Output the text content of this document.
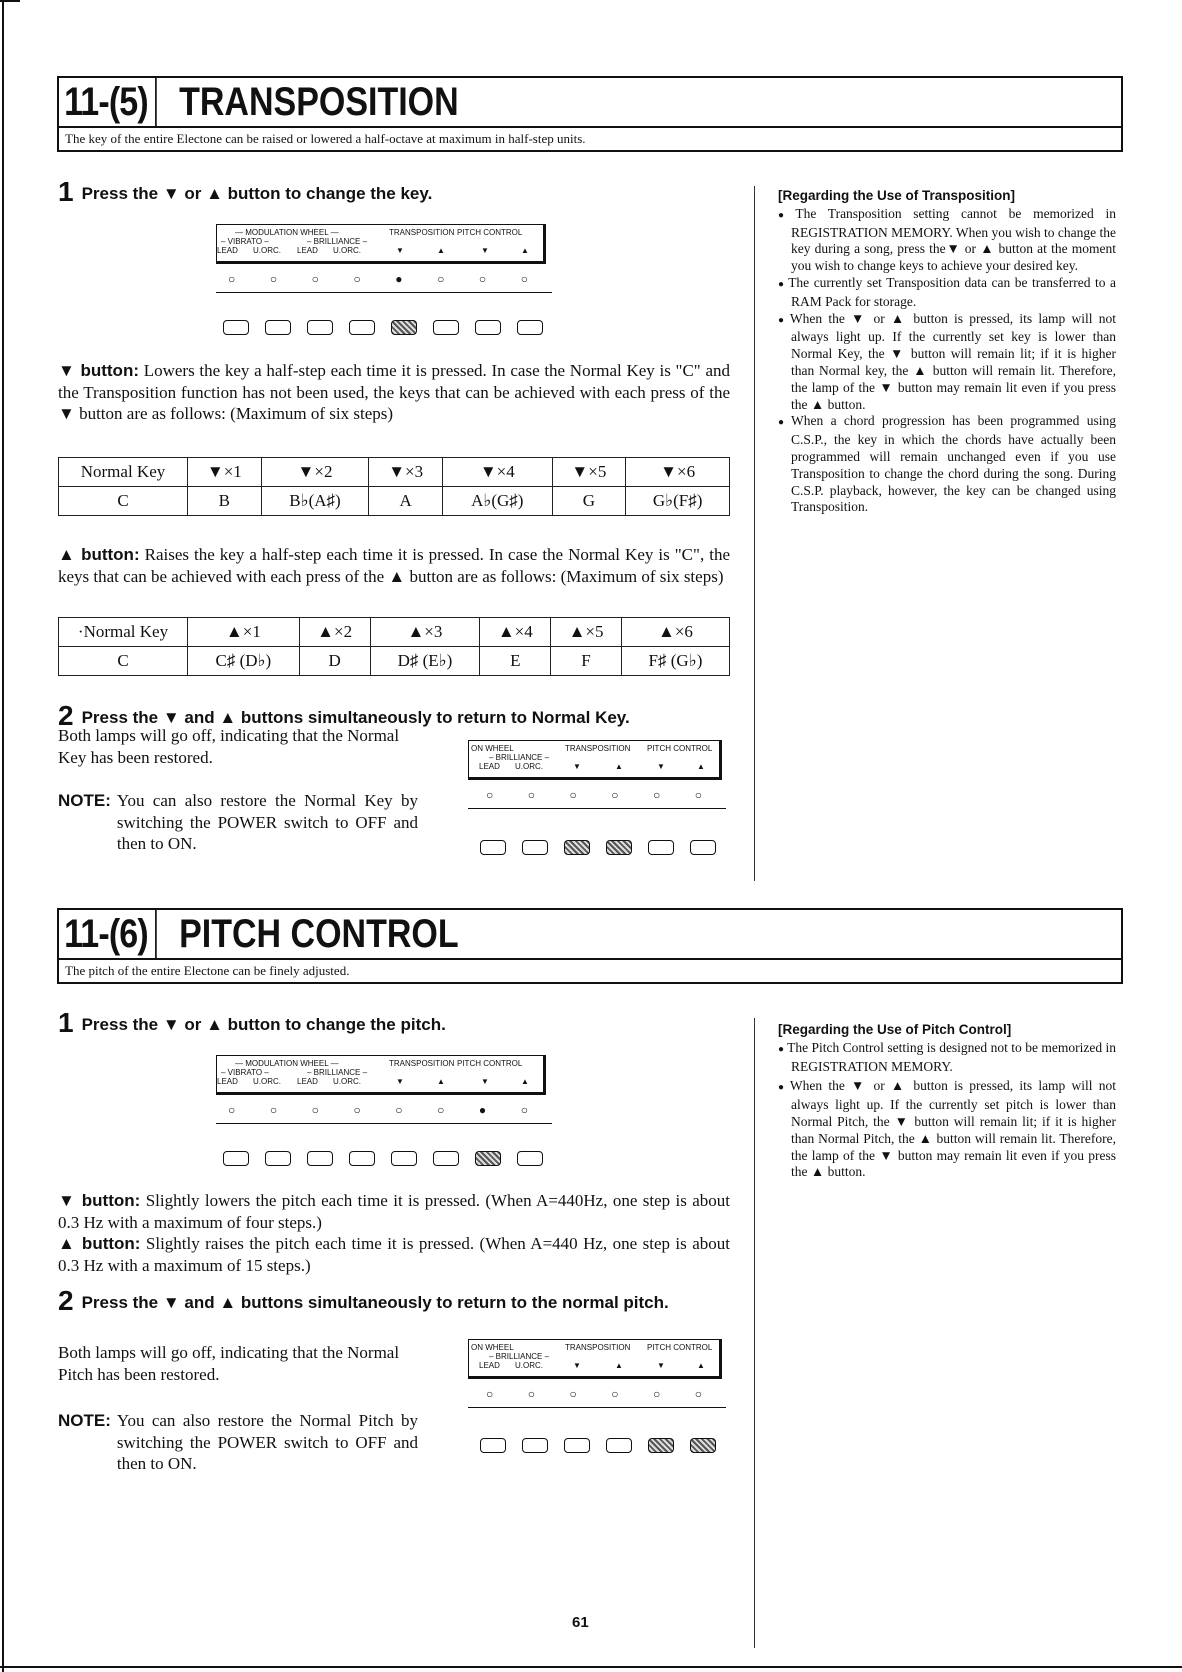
11-(5) TRANSPOSITION
The key of the entire Electone can be raised or lowered a half-octave at maximum in half-step units.
1 Press the ▼ or ▲ button to change the key.
— MODULATION WHEEL —
– VIBRATO –	– BRILLIANCE –
TRANSPOSITION PITCH CONTROL
LEAD U.ORC. LEAD U.ORC.	▼	▲	▼	▲
○	○	○	○	●	○	○	○
▼ button: Lowers the key a half-step each time it is pressed. In case the Normal Key is "C" and the Transposition function has not been used, the keys that can be achieved with each press of the ▼ button are as follows: (Maximum of six steps)
Normal Key	▼×1	▼×2	▼×3	▼×4	▼×5	▼×6
C	B	B♭(A♯)	A	A♭(G♯)	G	G♭(F♯)
▲ button: Raises the key a half-step each time it is pressed. In case the Normal Key is "C", the keys that can be achieved with each press of the ▲ button are as follows: (Maximum of six steps)
·Normal Key	▲×1	▲×2	▲×3	▲×4	▲×5	▲×6
C	C♯ (D♭)	D	D♯ (E♭)	E	F	F♯ (G♭)
2 Press the ▼ and ▲ buttons simultaneously to return to Normal Key.
Both lamps will go off, indicating that the Normal Key has been restored.
NOTE: You can also restore the Normal Key by switching the POWER switch to OFF and then to ON.
ON WHEEL
– BRILLIANCE –
TRANSPOSITION PITCH CONTROL
LEAD U.ORC.	▼	▲	▼	▲
○	○	○	○	○	○
[Regarding the Use of Transposition]
● The Transposition setting cannot be memorized in REGISTRATION MEMORY. When you wish to change the key during a song, press the▼ or ▲ button at the moment you wish to change keys to achieve your desired key.
● The currently set Transposition data can be transferred to a RAM Pack for storage.
● When the ▼ or ▲ button is pressed, its lamp will not always light up. If the currently set key is lower than Normal Key, the ▼ button will remain lit; if it is higher than Normal key, the ▲ button will remain lit. Therefore, the lamp of the ▼ button may remain lit even if you press the ▲ button.
● When a chord progression has been programmed using C.S.P., the key in which the chords have actually been programmed will remain unchanged even if you use Transposition to change the chord during the song. During C.S.P. playback, however, the key can be changed using Transposition.
11-(6) PITCH CONTROL
The pitch of the entire Electone can be finely adjusted.
1 Press the ▼ or ▲ button to change the pitch.
— MODULATION WHEEL —
– VIBRATO –	– BRILLIANCE –
TRANSPOSITION PITCH CONTROL
LEAD U.ORC. LEAD U.ORC.	▼	▲	▼	▲
○	○	○	○	○	○	●	○
▼ button: Slightly lowers the pitch each time it is pressed. (When A=440Hz, one step is about 0.3 Hz with a maximum of four steps.)
▲ button: Slightly raises the pitch each time it is pressed. (When A=440 Hz, one step is about 0.3 Hz with a maximum of 15 steps.)
2 Press the ▼ and ▲ buttons simultaneously to return to the normal pitch.
Both lamps will go off, indicating that the Normal Pitch has been restored.
NOTE: You can also restore the Normal Pitch by switching the POWER switch to OFF and then to ON.
ON WHEEL
– BRILLIANCE –
TRANSPOSITION PITCH CONTROL
LEAD U.ORC.	▼	▲	▼	▲
○	○	○	○	○	○
[Regarding the Use of Pitch Control]
● The Pitch Control setting is designed not to be memorized in REGISTRATION MEMORY.
● When the ▼ or ▲ button is pressed, its lamp will not always light up. If the currently set pitch is lower than Normal Pitch, the ▼ button will remain lit; if it is higher than Normal Pitch, the ▲ button will remain lit. Therefore, the lamp of the ▼ button may remain lit even if you press the ▲ button.
61
